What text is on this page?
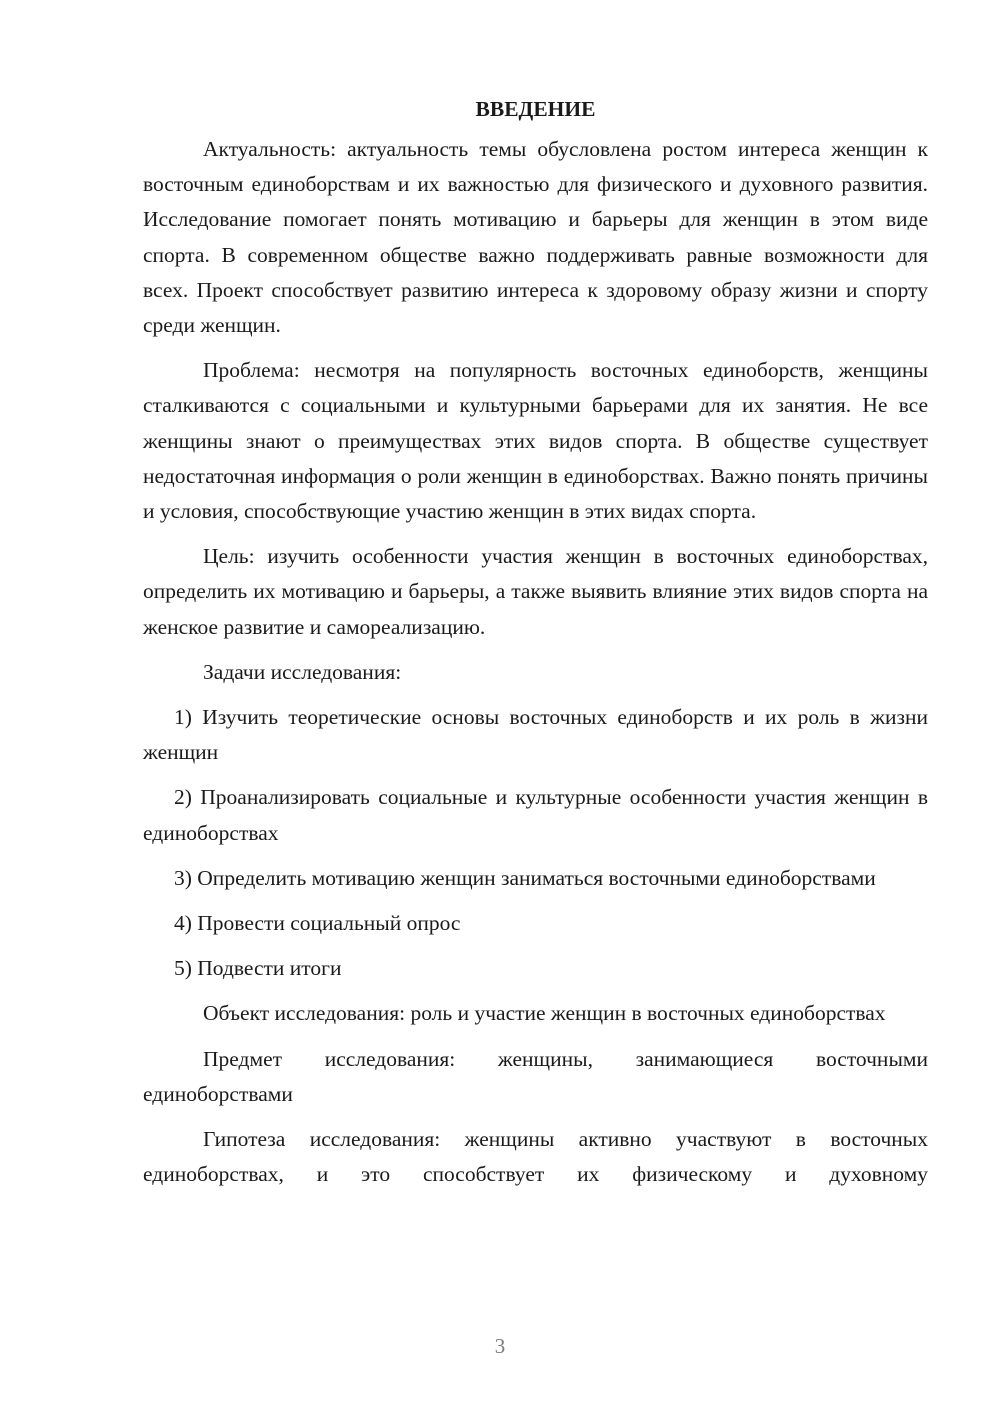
ВВЕДЕНИЕ

Актуальность: актуальность темы обусловлена ростом интереса женщин к восточным единоборствам и их важностью для физического и духовного развития. Исследование помогает понять мотивацию и барьеры для женщин в этом виде спорта. В современном обществе важно поддерживать равные возможности для всех. Проект способствует развитию интереса к здоровому образу жизни и спорту среди женщин.

Проблема: несмотря на популярность восточных единоборств, женщины сталкиваются с социальными и культурными барьерами для их занятия. Не все женщины знают о преимуществах этих видов спорта. В обществе существует недостаточная информация о роли женщин в единоборствах. Важно понять причины и условия, способствующие участию женщин в этих видах спорта.

Цель: изучить особенности участия женщин в восточных единоборствах, определить их мотивацию и барьеры, а также выявить влияние этих видов спорта на женское развитие и самореализацию.

Задачи исследования:

1) Изучить теоретические основы восточных единоборств и их роль в жизни женщин

2) Проанализировать социальные и культурные особенности участия женщин в единоборствах

3) Определить мотивацию женщин заниматься восточными единоборствами

4) Провести социальный опрос

5) Подвести итоги

Объект исследования: роль и участие женщин в восточных единоборствах

Предмет исследования: женщины, занимающиеся восточными единоборствами

Гипотеза исследования: женщины активно участвуют в восточных единоборствах, и это способствует их физическому и духовному

3
